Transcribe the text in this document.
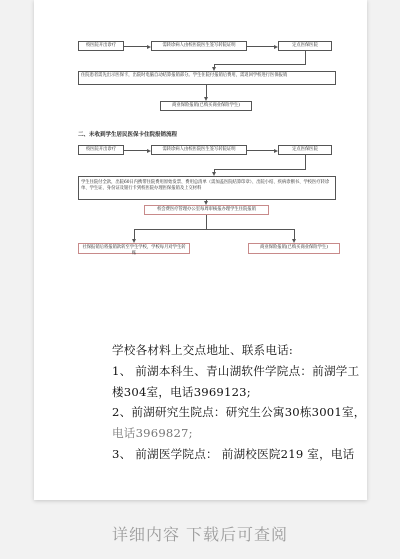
校医院开出诊疗	需转诊病人由校医院医生签写转院证明	定点医保医院
住院患者需先出示医保卡，出院时电脑自动结算报销部分。学生住院付报销后费用，需返回学校进行医保报销
商业保险报销(已购买商业保险学生)
二、未收到学生居民医保卡住院报销流程
校医院开出诊疗	需转诊病人由校医院医生签写转院证明	定点医保医院
学生住院付全款，出院60日内携带住院费用原始发票、费用总清单（需加盖医院结算印章）、出院小结、疾病诊断书、学校医疗转诊单、学生证、身份证及银行卡到校医院办理医保报销及上交材料
校会费医疗管理办公室每周审核报办理学生住院报销
社保报销后将报销款转至学生学校，学校每月对学生转账
商业保险报销(已购买商业保险学生)

学校各材料上交点地址、联系电话:

1、 前湖本科生、青山湖软件学院点：前湖学工

楼304室，电话3969123;

2、前湖研究生院点：研究生公寓30栋3001室，

电话3969827;

3、 前湖医学院点： 前湖校医院219 室，电话

详细内容 下载后可查阅
